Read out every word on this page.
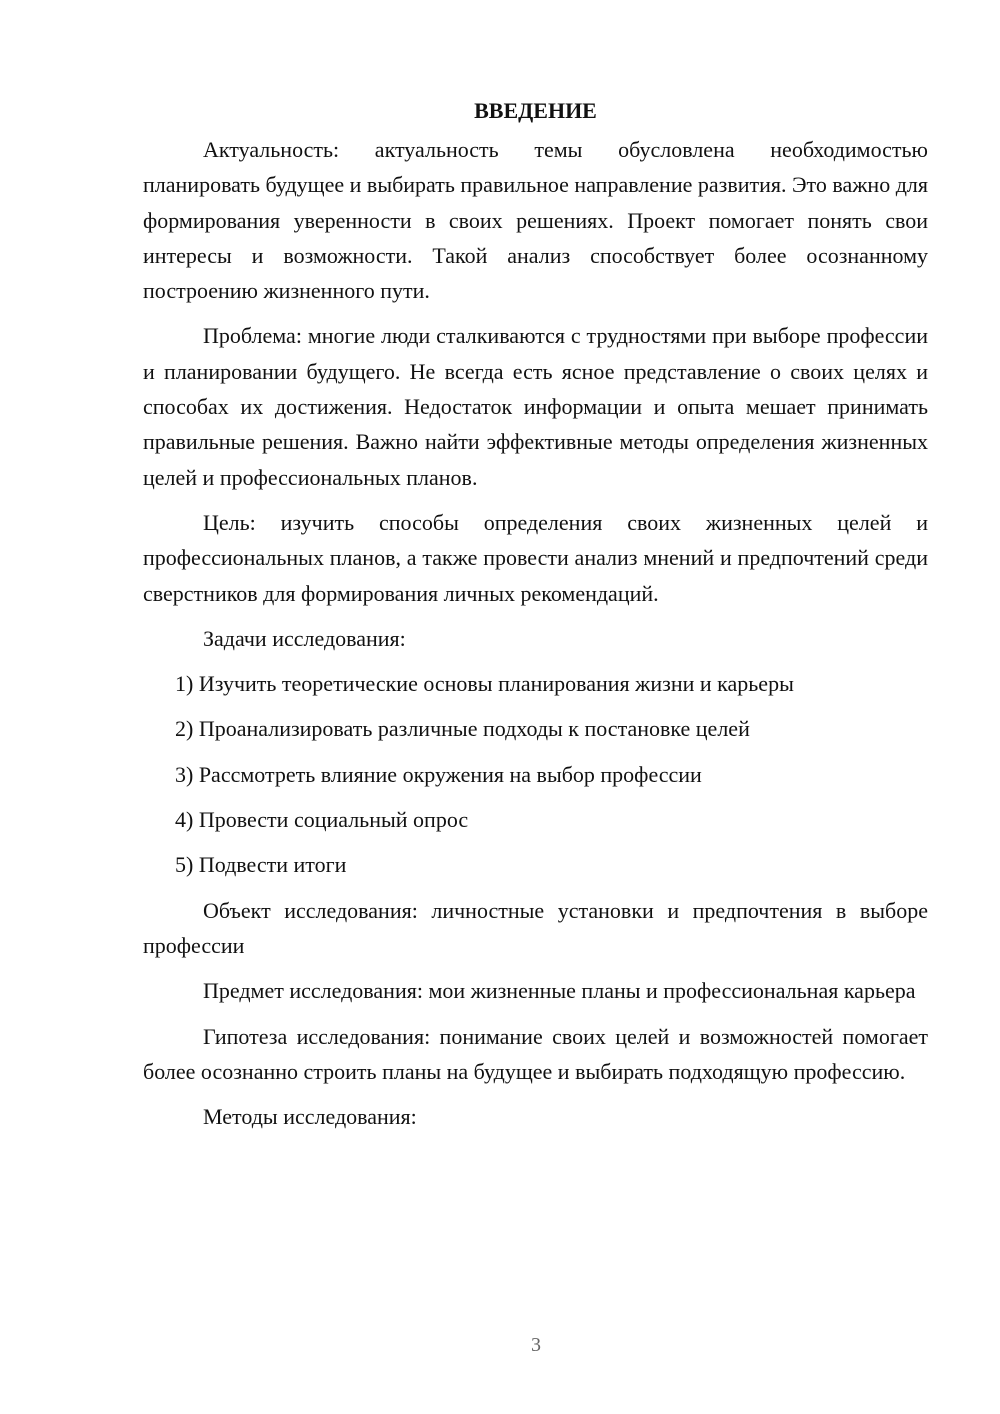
ВВЕДЕНИЕ

Актуальность: актуальность темы обусловлена необходимостью планировать будущее и выбирать правильное направление развития. Это важно для формирования уверенности в своих решениях. Проект помогает понять свои интересы и возможности. Такой анализ способствует более осознанному построению жизненного пути.

Проблема: многие люди сталкиваются с трудностями при выборе профессии и планировании будущего. Не всегда есть ясное представление о своих целях и способах их достижения. Недостаток информации и опыта мешает принимать правильные решения. Важно найти эффективные методы определения жизненных целей и профессиональных планов.

Цель: изучить способы определения своих жизненных целей и профессиональных планов, а также провести анализ мнений и предпочтений среди сверстников для формирования личных рекомендаций.

Задачи исследования:

1) Изучить теоретические основы планирования жизни и карьеры
2) Проанализировать различные подходы к постановке целей
3) Рассмотреть влияние окружения на выбор профессии
4) Провести социальный опрос
5) Подвести итоги

Объект исследования: личностные установки и предпочтения в выборе профессии

Предмет исследования: мои жизненные планы и профессиональная карьера

Гипотеза исследования: понимание своих целей и возможностей помогает более осознанно строить планы на будущее и выбирать подходящую профессию.

Методы исследования:

3
